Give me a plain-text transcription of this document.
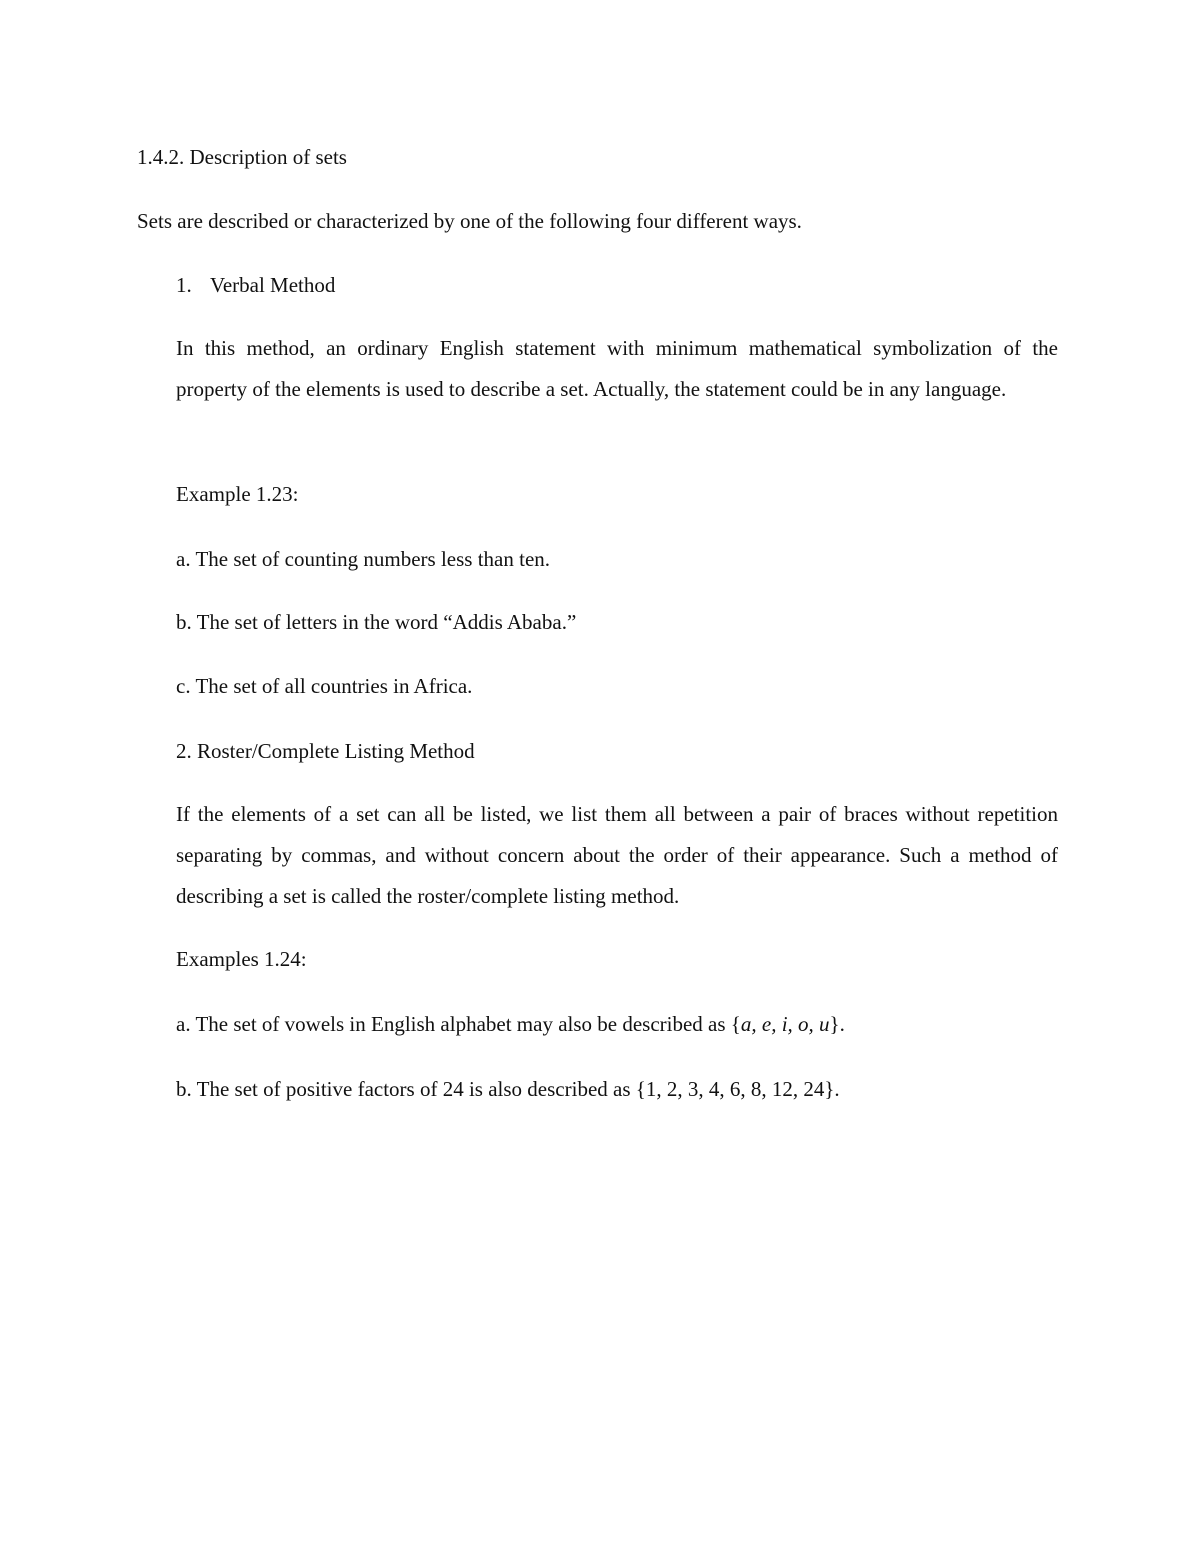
1.4.2. Description of sets

Sets are described or characterized by one of the following four different ways.

1. Verbal Method

In this method, an ordinary English statement with minimum mathematical symbolization of the property of the elements is used to describe a set. Actually, the statement could be in any language.

Example 1.23:

a. The set of counting numbers less than ten.

b. The set of letters in the word “Addis Ababa.”

c. The set of all countries in Africa.

2. Roster/Complete Listing Method

If the elements of a set can all be listed, we list them all between a pair of braces without repetition separating by commas, and without concern about the order of their appearance. Such a method of describing a set is called the roster/complete listing method.

Examples 1.24:

a. The set of vowels in English alphabet may also be described as {a, e, i, o, u}.

b. The set of positive factors of 24 is also described as {1, 2, 3, 4, 6, 8, 12, 24}.
